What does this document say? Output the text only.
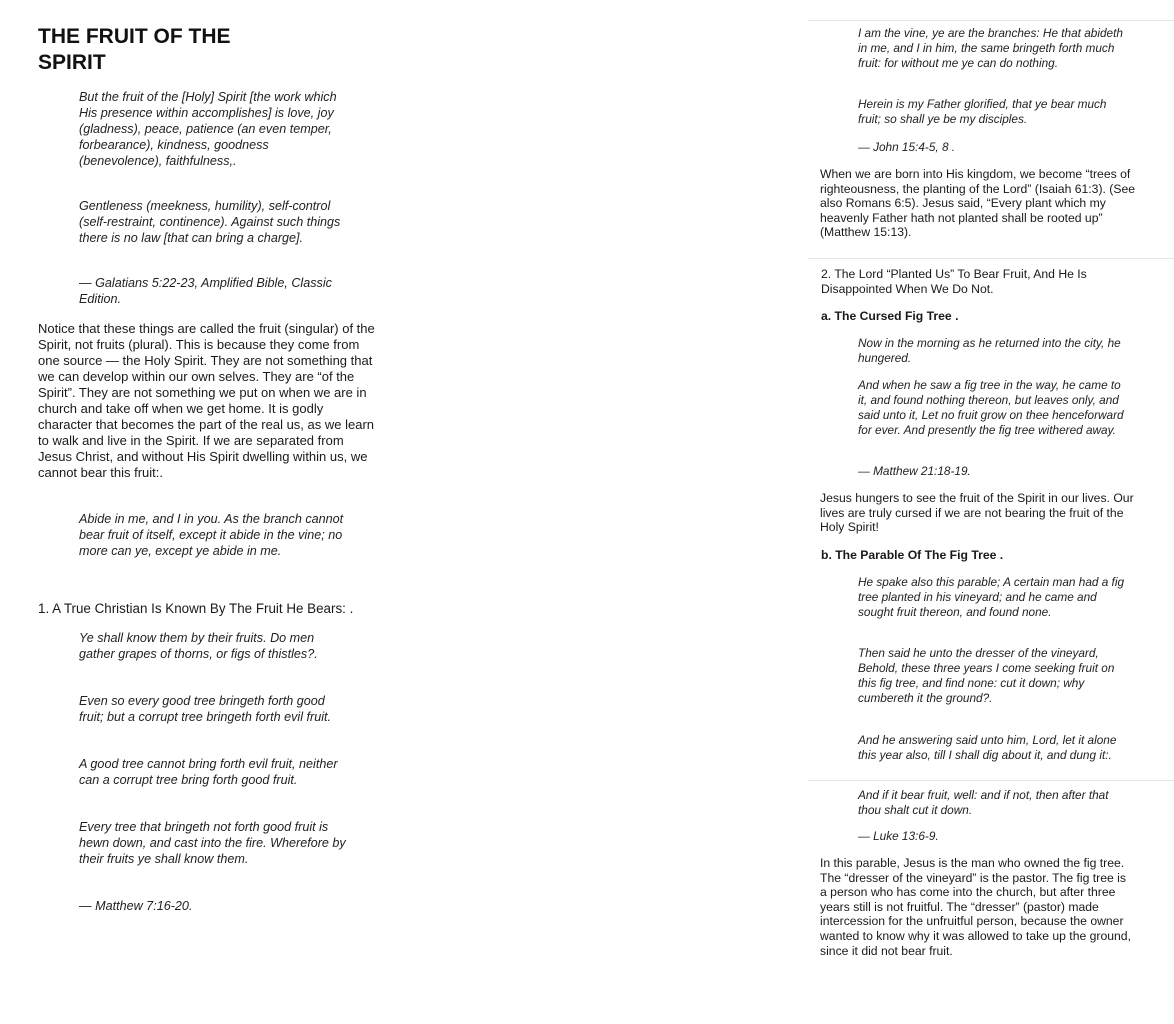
THE FRUIT OF THE SPIRIT
But the fruit of the [Holy] Spirit [the work which His presence within accomplishes] is love, joy (gladness), peace, patience (an even temper, forbearance), kindness, goodness (benevolence), faithfulness,.
Gentleness (meekness, humility), self-control (self-restraint, continence). Against such things there is no law [that can bring a charge].
— Galatians 5:22-23, Amplified Bible, Classic Edition.
Notice that these things are called the fruit (singular) of the Spirit, not fruits (plural). This is because they come from one source — the Holy Spirit. They are not something that we can develop within our own selves. They are “of the Spirit”. They are not something we put on when we are in church and take off when we get home. It is godly character that becomes the part of the real us, as we learn to walk and live in the Spirit. If we are separated from Jesus Christ, and without His Spirit dwelling within us, we cannot bear this fruit:.
Abide in me, and I in you. As the branch cannot bear fruit of itself, except it abide in the vine; no more can ye, except ye abide in me.
1. A True Christian Is Known By The Fruit He Bears: .
Ye shall know them by their fruits. Do men gather grapes of thorns, or figs of thistles?.
Even so every good tree bringeth forth good fruit; but a corrupt tree bringeth forth evil fruit.
A good tree cannot bring forth evil fruit, neither can a corrupt tree bring forth good fruit.
Every tree that bringeth not forth good fruit is hewn down, and cast into the fire. Wherefore by their fruits ye shall know them.
— Matthew 7:16-20.
I am the vine, ye are the branches: He that abideth in me, and I in him, the same bringeth forth much fruit: for without me ye can do nothing.
Herein is my Father glorified, that ye bear much fruit; so shall ye be my disciples.
— John 15:4-5, 8 .
When we are born into His kingdom, we become “trees of righteousness, the planting of the Lord” (Isaiah 61:3). (See also Romans 6:5). Jesus said, “Every plant which my heavenly Father hath not planted shall be rooted up” (Matthew 15:13).
2. The Lord “Planted Us” To Bear Fruit, And He Is Disappointed When We Do Not.
a. The Cursed Fig Tree .
Now in the morning as he returned into the city, he hungered.
And when he saw a fig tree in the way, he came to it, and found nothing thereon, but leaves only, and said unto it, Let no fruit grow on thee henceforward for ever. And presently the fig tree withered away.
— Matthew 21:18-19.
Jesus hungers to see the fruit of the Spirit in our lives. Our lives are truly cursed if we are not bearing the fruit of the Holy Spirit!
b. The Parable Of The Fig Tree .
He spake also this parable; A certain man had a fig tree planted in his vineyard; and he came and sought fruit thereon, and found none.
Then said he unto the dresser of the vineyard, Behold, these three years I come seeking fruit on this fig tree, and find none: cut it down; why cumbereth it the ground?.
And he answering said unto him, Lord, let it alone this year also, till I shall dig about it, and dung it:.
And if it bear fruit, well: and if not, then after that thou shalt cut it down.
— Luke 13:6-9.
In this parable, Jesus is the man who owned the fig tree. The “dresser of the vineyard” is the pastor. The fig tree is a person who has come into the church, but after three years still is not fruitful. The “dresser” (pastor) made intercession for the unfruitful person, because the owner wanted to know why it was allowed to take up the ground, since it did not bear fruit.
